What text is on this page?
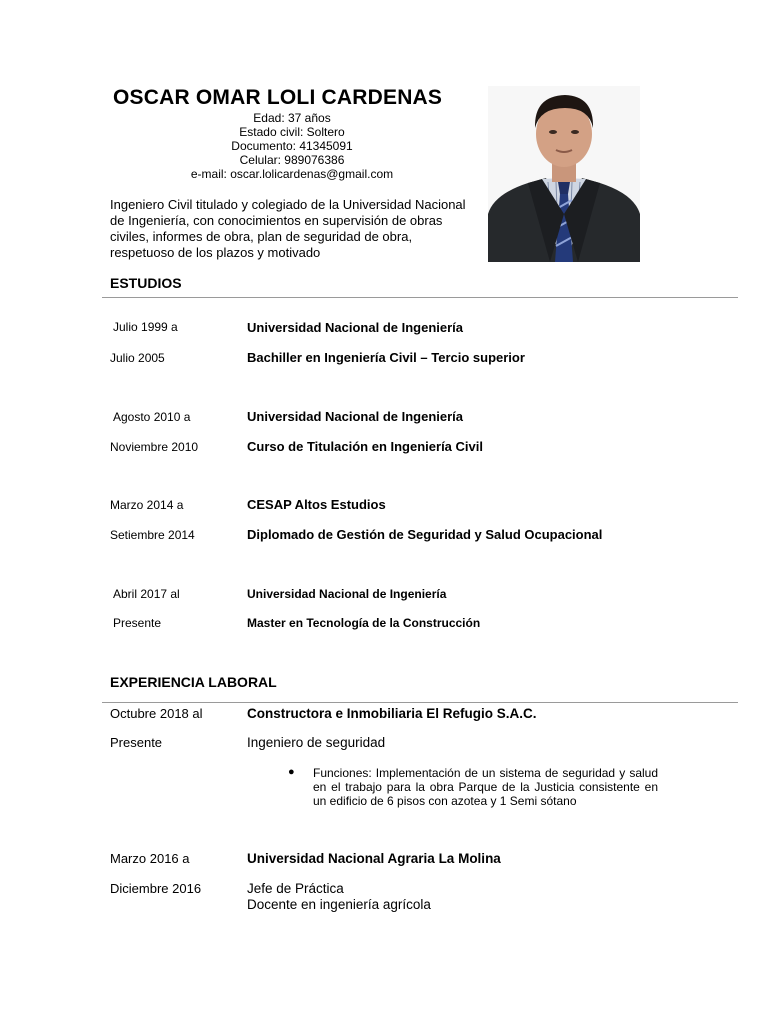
OSCAR OMAR LOLI CARDENAS
Edad: 37 años
Estado civil: Soltero
Documento: 41345091
Celular: 989076386
e-mail: oscar.lolicardenas@gmail.com
Ingeniero Civil titulado y colegiado de la Universidad Nacional de Ingeniería, con conocimientos en supervisión de obras civiles, informes de obra, plan de seguridad de obra, respetuoso de los plazos y motivado
ESTUDIOS
Julio 1999 a
Julio 2005
Universidad Nacional de Ingeniería
Bachiller en Ingeniería Civil – Tercio superior
Agosto 2010 a
Noviembre 2010
Universidad Nacional de Ingeniería
Curso de Titulación en Ingeniería Civil
Marzo 2014 a
Setiembre 2014
CESAP Altos Estudios
Diplomado de Gestión de Seguridad y Salud Ocupacional
Abril 2017 al
Presente
Universidad Nacional de Ingeniería
Master en Tecnología de la Construcción
EXPERIENCIA LABORAL
Octubre 2018 al
Presente
Constructora e Inmobiliaria El Refugio S.A.C.
Ingeniero de seguridad
● Funciones: Implementación de un sistema de seguridad y salud en el trabajo para la obra Parque de la Justicia consistente en un edificio de 6 pisos con azotea y 1 Semi sótano
Marzo 2016 a
Diciembre 2016
Universidad Nacional Agraria La Molina
Jefe de Práctica
Docente en ingeniería agrícola
